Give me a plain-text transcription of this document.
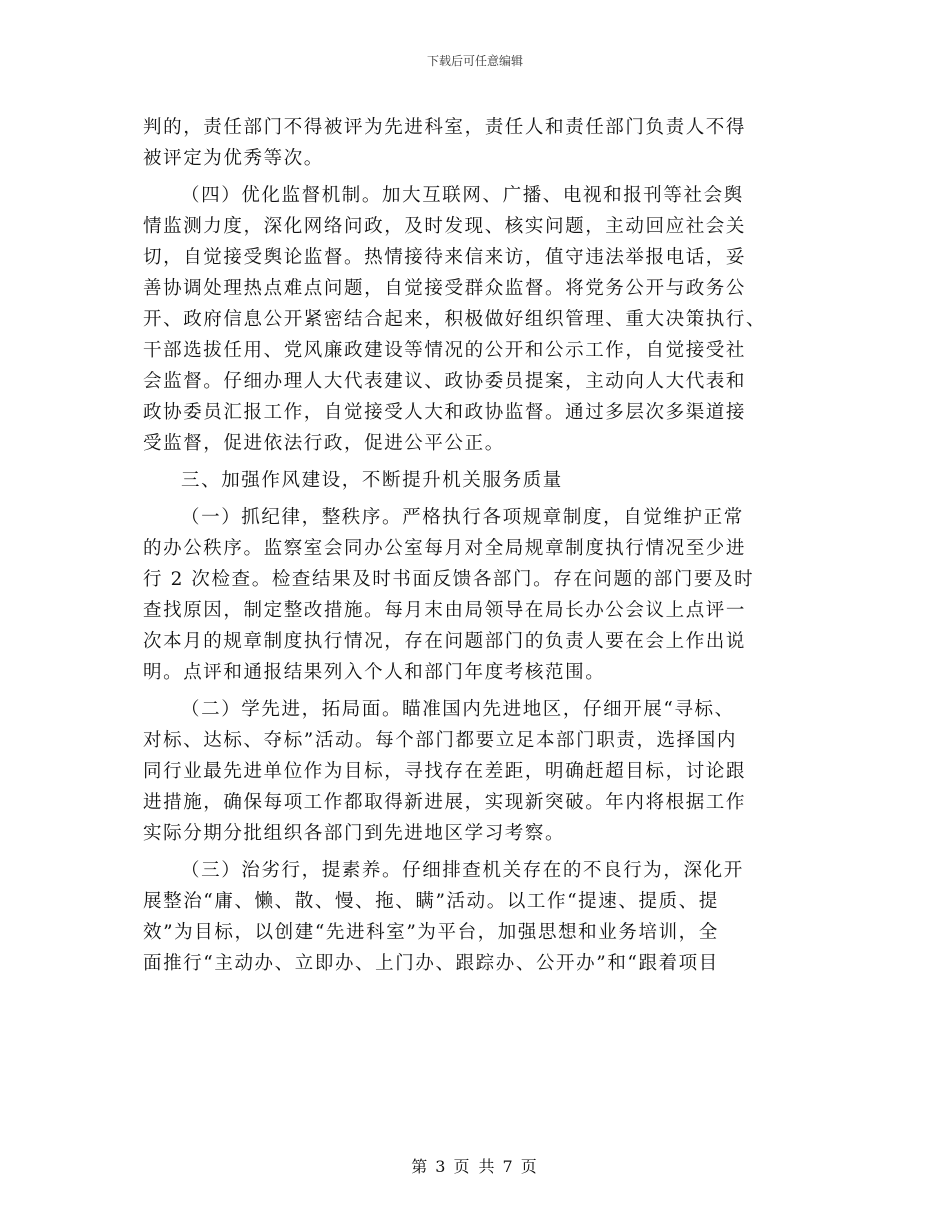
下载后可任意编辑
判的，责任部门不得被评为先进科室，责任人和责任部门负责人不得
被评定为优秀等次。
（四）优化监督机制。加大互联网、广播、电视和报刊等社会舆
情监测力度，深化网络问政，及时发现、核实问题，主动回应社会关
切，自觉接受舆论监督。热情接待来信来访，值守违法举报电话，妥
善协调处理热点难点问题，自觉接受群众监督。将党务公开与政务公
开、政府信息公开紧密结合起来，积极做好组织管理、重大决策执行、
干部选拔任用、党风廉政建设等情况的公开和公示工作，自觉接受社
会监督。仔细办理人大代表建议、政协委员提案，主动向人大代表和
政协委员汇报工作，自觉接受人大和政协监督。通过多层次多渠道接
受监督，促进依法行政，促进公平公正。
三、加强作风建设，不断提升机关服务质量
（一）抓纪律，整秩序。严格执行各项规章制度，自觉维护正常
的办公秩序。监察室会同办公室每月对全局规章制度执行情况至少进
行 2 次检查。检查结果及时书面反馈各部门。存在问题的部门要及时
查找原因，制定整改措施。每月末由局领导在局长办公会议上点评一
次本月的规章制度执行情况，存在问题部门的负责人要在会上作出说
明。点评和通报结果列入个人和部门年度考核范围。
（二）学先进，拓局面。瞄准国内先进地区，仔细开展“寻标、
对标、达标、夺标”活动。每个部门都要立足本部门职责，选择国内
同行业最先进单位作为目标，寻找存在差距，明确赶超目标，讨论跟
进措施，确保每项工作都取得新进展，实现新突破。年内将根据工作
实际分期分批组织各部门到先进地区学习考察。
（三）治劣行，提素养。仔细排查机关存在的不良行为，深化开
展整治“庸、懒、散、慢、拖、瞒”活动。以工作“提速、提质、提
效”为目标，以创建“先进科室”为平台，加强思想和业务培训，全
面推行“主动办、立即办、上门办、跟踪办、公开办”和“跟着项目
第 3 页 共 7 页
